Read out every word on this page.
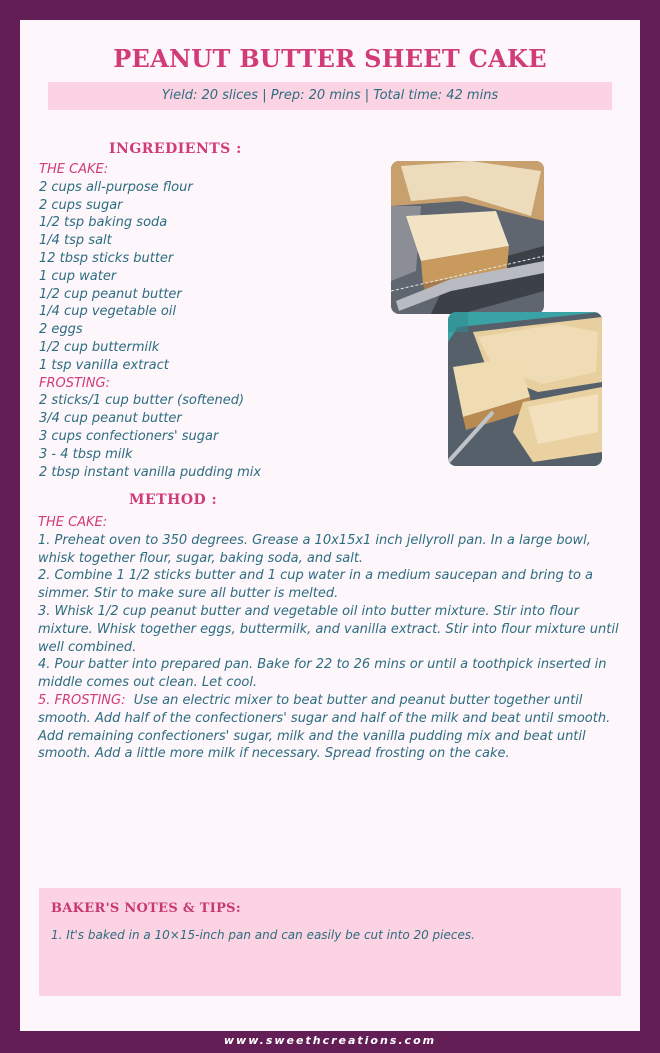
PEANUT BUTTER SHEET CAKE
Yield: 20 slices | Prep: 20 mins | Total time: 42 mins
INGREDIENTS :
THE CAKE:
2 cups all-purpose flour
2 cups sugar
1/2 tsp baking soda
1/4 tsp salt
12 tbsp sticks butter
1 cup water
1/2 cup peanut butter
1/4 cup vegetable oil
2 eggs
1/2 cup buttermilk
1 tsp vanilla extract
FROSTING:
2 sticks/1 cup butter (softened)
3/4 cup peanut butter
3 cups confectioners' sugar
3 - 4 tbsp milk
2 tbsp instant vanilla pudding mix
METHOD :

THE CAKE:

1. Preheat oven to 350 degrees. Grease a 10x15x1 inch jellyroll pan. In a large bowl, whisk together flour, sugar, baking soda, and salt.

2. Combine 1 1/2 sticks butter and 1 cup water in a medium saucepan and bring to a simmer. Stir to make sure all butter is melted.

3. Whisk 1/2 cup peanut butter and vegetable oil into butter mixture. Stir into flour mixture. Whisk together eggs, buttermilk, and vanilla extract. Stir into flour mixture until well combined.

4. Pour batter into prepared pan. Bake for 22 to 26 mins or until a toothpick inserted in middle comes out clean. Let cool.

5. FROSTING: Use an electric mixer to beat butter and peanut butter together until smooth. Add half of the confectioners' sugar and half of the milk and beat until smooth. Add remaining confectioners' sugar, milk and the vanilla pudding mix and beat until smooth. Add a little more milk if necessary. Spread frosting on the cake.

BAKER'S NOTES & TIPS:
1. It's baked in a 10×15-inch pan and can easily be cut into 20 pieces.
www.sweethcreations.com
